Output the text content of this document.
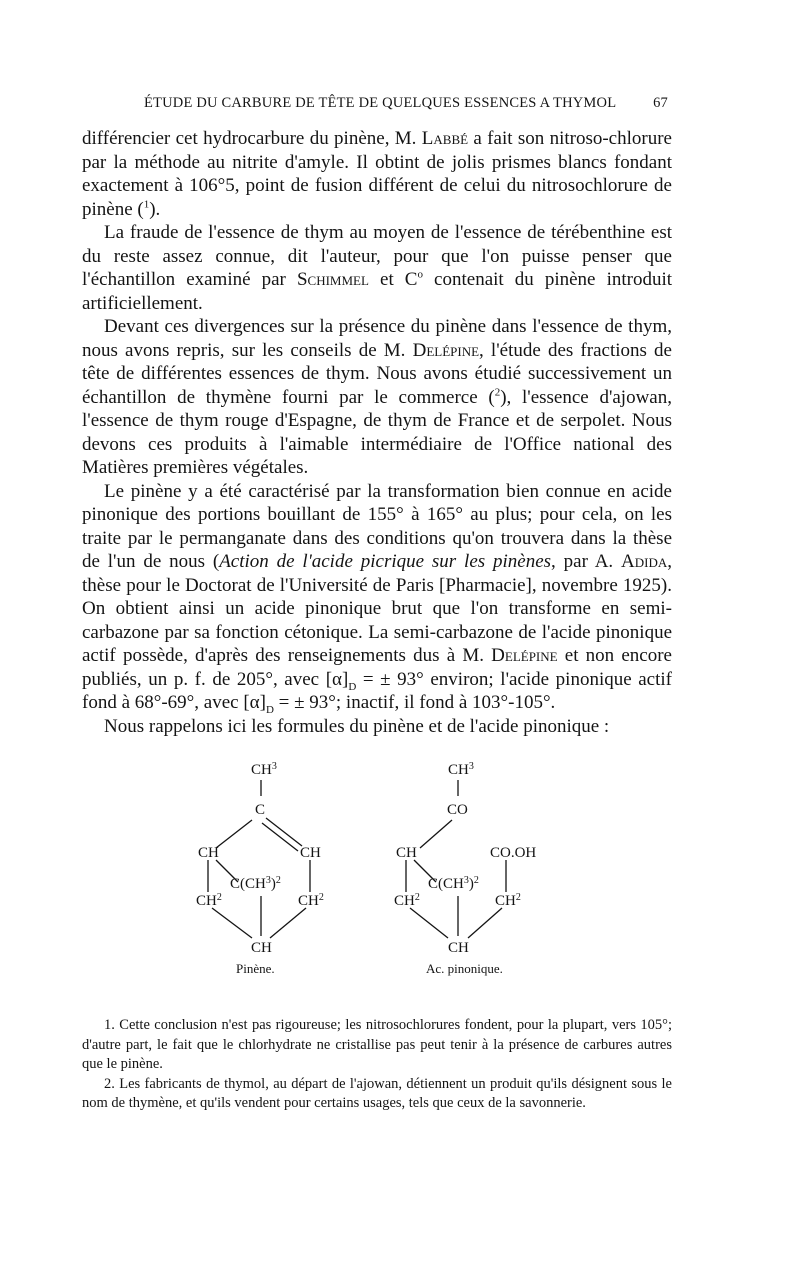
ÉTUDE DU CARBURE DE TÊTE DE QUELQUES ESSENCES A THYMOL	67

différencier cet hydrocarbure du pinène, M. Labbé a fait son nitroso-chlorure par la méthode au nitrite d'amyle. Il obtint de jolis prismes blancs fondant exactement à 106°5, point de fusion différent de celui du nitrosochlorure de pinène ($^1$).

La fraude de l'essence de thym au moyen de l'essence de térébenthine est du reste assez connue, dit l'auteur, pour que l'on puisse penser que l'échantillon examiné par Schimmel et $C^o$ contenait du pinène introduit artificiellement.

Devant ces divergences sur la présence du pinène dans l'essence de thym, nous avons repris, sur les conseils de M. Delépine, l'étude des fractions de tête de différentes essences de thym. Nous avons étudié successivement un échantillon de thymène fourni par le commerce ($^2$), l'essence d'ajowan, l'essence de thym rouge d'Espagne, de thym de France et de serpolet. Nous devons ces produits à l'aimable intermédiaire de l'Office national des Matières premières végétales.

Le pinène y a été caractérisé par la transformation bien connue en acide pinonique des portions bouillant de 155° à 165° au plus; pour cela, on les traite par le permanganate dans des conditions qu'on trouvera dans la thèse de l'un de nous (Action de l'acide picrique sur les pinènes, par A. Adida, thèse pour le Doctorat de l'Université de Paris [Pharmacie], novembre 1925). On obtient ainsi un acide pinonique brut que l'on transforme en semi-carbazone par sa fonction cétonique. La semi-carbazone de l'acide pinonique actif possède, d'après des renseignements dus à M. Delépine et non encore publiés, un p. f. de 205°, avec $[\alpha]_D$ = ± 93° environ; l'acide pinonique actif fond à 68°-69°, avec $[\alpha]_D$ = ± 93°; inactif, il fond à 103°-105°.

Nous rappelons ici les formules du pinène et de l'acide pinonique :

$CH^3$
C
CH	CH
$C(CH^3)^2$
$CH^2$	$CH^2$
CH
Pinène.
$CH^3$
CO
CH	CO.OH
$C(CH^3)^2$
$CH^2$	$CH^2$
CH
Ac. pinonique.

1. Cette conclusion n'est pas rigoureuse; les nitrosochlorures fondent, pour la plupart, vers 105°; d'autre part, le fait que le chlorhydrate ne cristallise pas peut tenir à la présence de carbures autres que le pinène.

2. Les fabricants de thymol, au départ de l'ajowan, détiennent un produit qu'ils désignent sous le nom de thymène, et qu'ils vendent pour certains usages, tels que ceux de la savonnerie.
